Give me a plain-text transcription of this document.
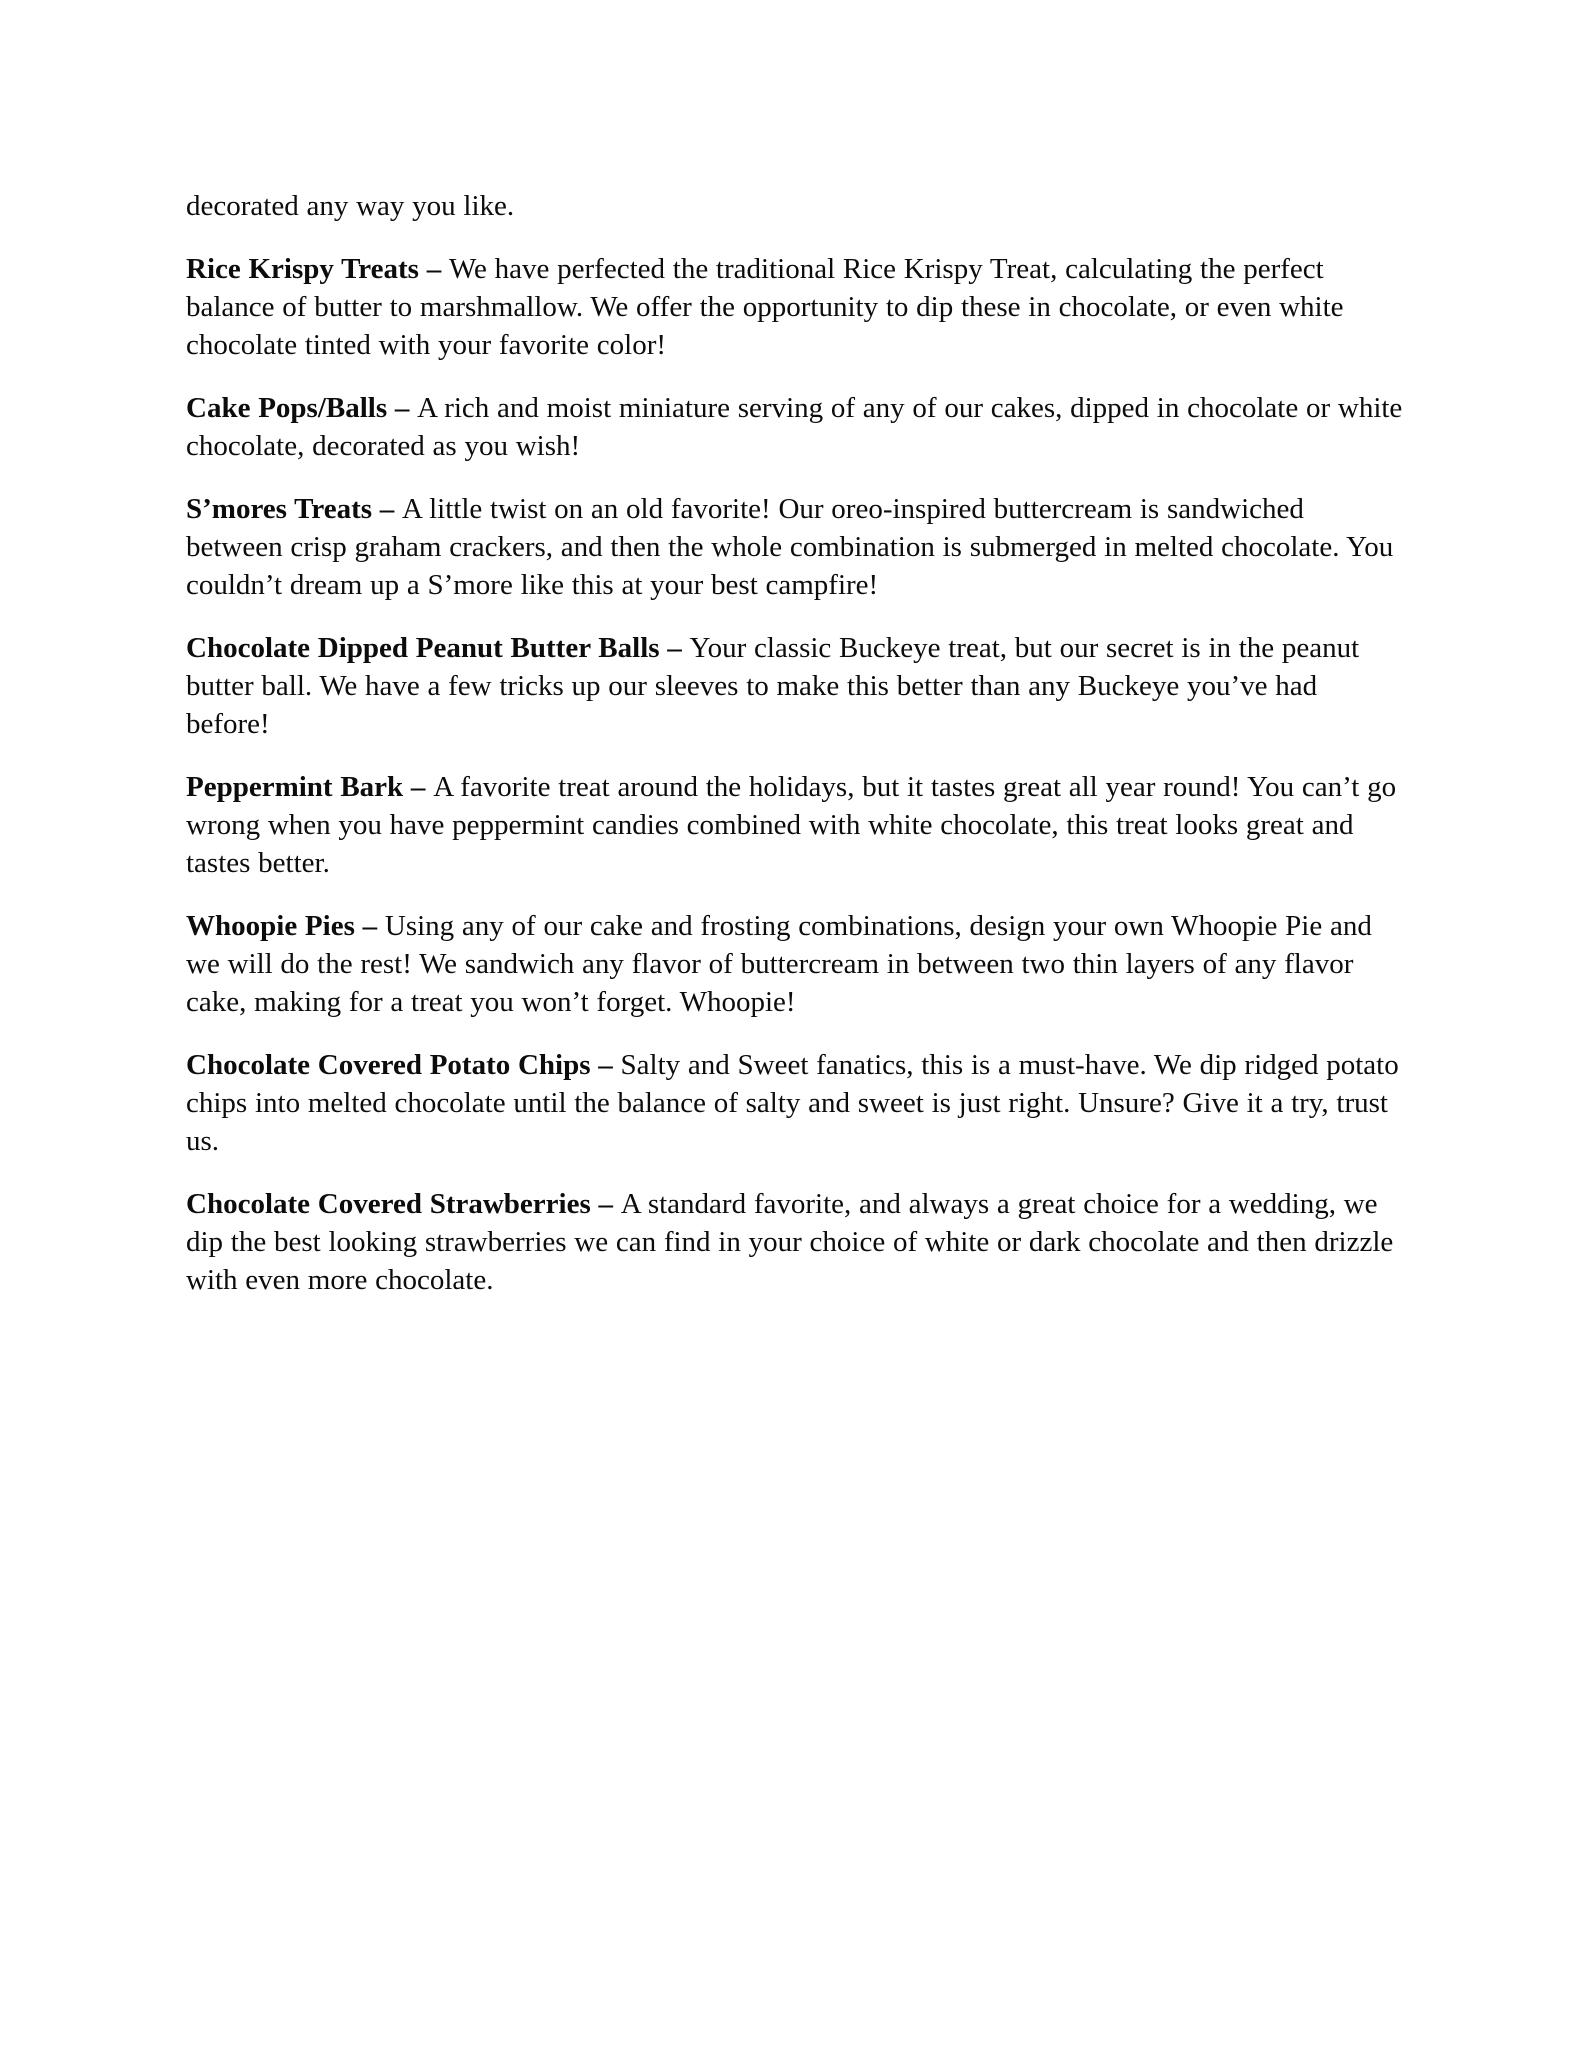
decorated any way you like.

Rice Krispy Treats – We have perfected the traditional Rice Krispy Treat, calculating the perfect balance of butter to marshmallow. We offer the opportunity to dip these in chocolate, or even white chocolate tinted with your favorite color!

Cake Pops/Balls – A rich and moist miniature serving of any of our cakes, dipped in chocolate or white chocolate, decorated as you wish!

S’mores Treats – A little twist on an old favorite! Our oreo-inspired buttercream is sandwiched between crisp graham crackers, and then the whole combination is submerged in melted chocolate. You couldn’t dream up a S’more like this at your best campfire!

Chocolate Dipped Peanut Butter Balls – Your classic Buckeye treat, but our secret is in the peanut butter ball. We have a few tricks up our sleeves to make this better than any Buckeye you’ve had before!

Peppermint Bark – A favorite treat around the holidays, but it tastes great all year round! You can’t go wrong when you have peppermint candies combined with white chocolate, this treat looks great and tastes better.

Whoopie Pies – Using any of our cake and frosting combinations, design your own Whoopie Pie and we will do the rest! We sandwich any flavor of buttercream in between two thin layers of any flavor cake, making for a treat you won’t forget. Whoopie!

Chocolate Covered Potato Chips – Salty and Sweet fanatics, this is a must-have. We dip ridged potato chips into melted chocolate until the balance of salty and sweet is just right. Unsure? Give it a try, trust us.

Chocolate Covered Strawberries – A standard favorite, and always a great choice for a wedding, we dip the best looking strawberries we can find in your choice of white or dark chocolate and then drizzle with even more chocolate.
